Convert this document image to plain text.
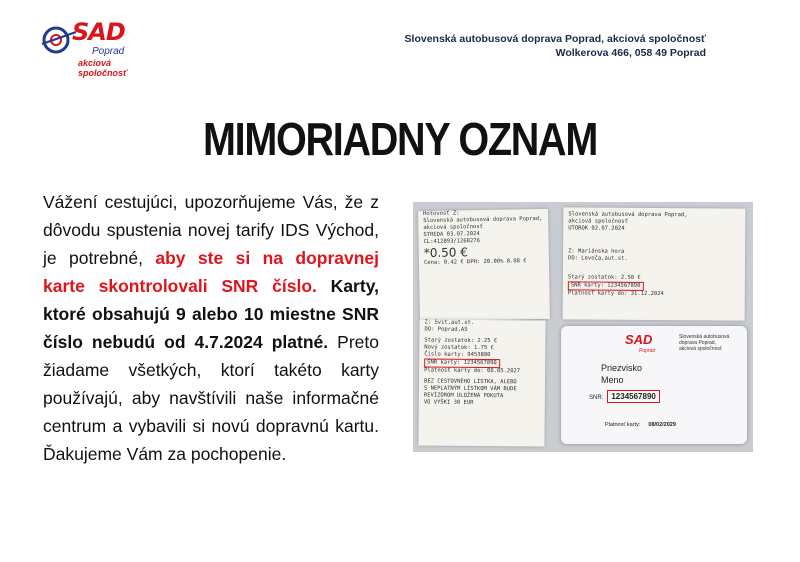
SAD
Poprad
akciová spoločnosť
Slovenská autobusová doprava Poprad, akciová spoločnosť
Wolkerova 466, 058 49 Poprad
MIMORIADNY OZNAM
Vážení cestujúci, upozorňujeme Vás, že z dôvodu spustenia novej tarify IDS Východ, je potrebné, aby ste si na dopravnej karte skontrolovali SNR číslo. Karty, ktoré obsahujú 9 alebo 10 miestne SNR číslo nebudú od 4.7.2024 platné. Preto žiadame všetkých, ktorí takéto karty používajú, aby navštívili naše informačné centrum a vybavili si novú dopravnú kartu. Ďakujeme Vám za pochopenie.
Hotovosť Z:
Slovenská autobusová doprava Poprad,
akciová spoločnosť
STREDA 03.07.2024
CL:412893/1268276
*0.50 €
Cena: 0.42 € DPH: 20.00% 0.08 €
Z: Svit,aut.st.
DO: Poprad,AS
Starý zostatok: 2.25 €
Nový zostatok: 1.75 €
Číslo karty: 9453880
SNR karty: 1234567890
Platnosť karty do: 06.05.2027
BEZ CESTOVNÉHO LÍSTKA, ALEBO
S NEPLATNÝM LÍSTKOM VÁM BUDE
REVÍZOROM ULOŽENÁ POKUTA
VO VÝŠKI 30 EUR
Slovenská autobusová doprava Poprad,
akciová spoločnosť
UTOROK 02.07.2024
Z: Mariánska hora
DO: Levoča,aut.st.
Starý zostatok: 2.50 €
SNR karty: 1234567890
Platnosť karty do: 31.12.2024
SAD
Poprad
Slovenská autobusová
doprava Poprad,
akciová spoločnosť
Priezvisko
Meno
SNR: 1234567890
Platnosť karty: 08/02/2029
